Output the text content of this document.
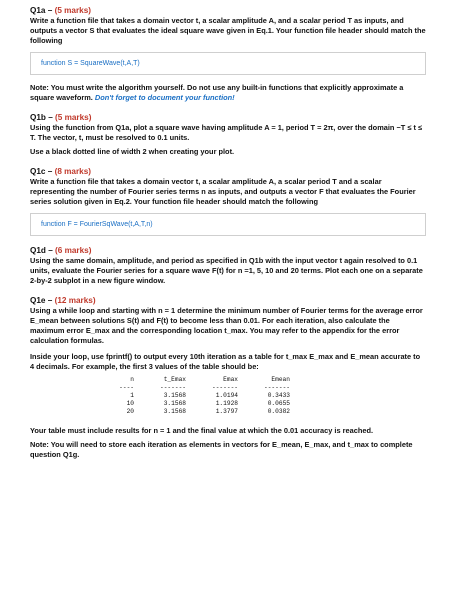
Q1a – (5 marks)

Write a function file that takes a domain vector t, a scalar amplitude A, and a scalar period T as inputs, and outputs a vector S that evaluates the ideal square wave given in Eq.1. Your function file header should match the following

function S = SquareWave(t,A,T)

Note: You must write the algorithm yourself. Do not use any built-in functions that explicitly approximate a square waveform. Don't forget to document your function!

Q1b – (5 marks)

Using the function from Q1a, plot a square wave having amplitude A = 1, period T = 2π, over the domain −T ≤ t ≤ T. The vector, t, must be resolved to 0.1 units.

Use a black dotted line of width 2 when creating your plot.

Q1c – (8 marks)

Write a function file that takes a domain vector t, a scalar amplitude A, a scalar period T and a scalar representing the number of Fourier series terms n as inputs, and outputs a vector F that evaluates the Fourier series solution given in Eq.2. Your function file header should match the following

function F = FourierSqWave(t,A,T,n)

Q1d – (6 marks)

Using the same domain, amplitude, and period as specified in Q1b with the input vector t again resolved to 0.1 units, evaluate the Fourier series for a square wave F(t) for n =1, 5, 10 and 20 terms. Plot each one on a separate 2-by-2 subplot in a new figure window.

Q1e – (12 marks)

Using a while loop and starting with n = 1 determine the minimum number of Fourier terms for the average error E_mean between solutions S(t) and F(t) to become less than 0.01. For each iteration, also calculate the maximum error E_max and the corresponding location t_max. You may refer to the appendix for the error calculation formulas.

Inside your loop, use fprintf() to output every 10th iteration as a table for t_max E_max and E_mean accurate to 4 decimals. For example, the first 3 values of the table should be:

n	t_Emax	Emax	Emean
----	-------	-------	-------
1	3.1568	1.0194	0.3433
10	3.1568	1.1928	0.0655
20	3.1568	1.3797	0.0382

Your table must include results for n = 1 and the final value at which the 0.01 accuracy is reached.

Note: You will need to store each iteration as elements in vectors for E_mean, E_max, and t_max to complete question Q1g.
